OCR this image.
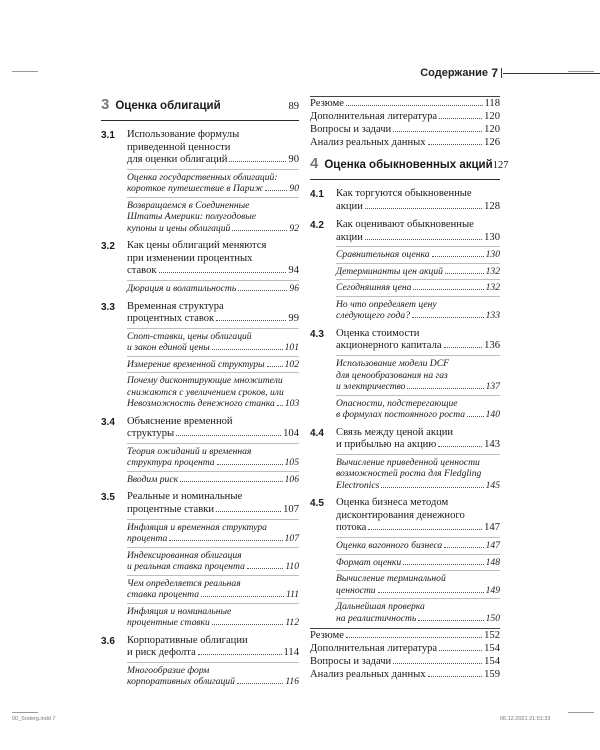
Содержание 7
3 Оценка облигаций	89
3.1	Использование формулы
приведенной ценности
для оценки облигаций	90
Оценка государственных облигаций:
короткое путешествие в Париж	90
Возвращаемся в Соединенные
Штаты Америки: полугодовые
купоны и цены облигаций	92
3.2	Как цены облигаций меняются
при изменении процентных
ставок	94
Дюрация и волатильность	96
3.3	Временная структура
процентных ставок	99
Спот-ставки, цены облигаций
и закон единой цены	101
Измерение временной структуры 102
Почему дисконтирующие множители
снижаются с увеличением сроков, или
Невозможность денежного станка 103
3.4	Объяснение временной
структуры	104
Теория ожиданий и временная
структура процента	105
Вводим риск	106
3.5	Реальные и номинальные
процентные ставки	107
Инфляция и временная структура
процента	107
Индексированная облигация
и реальная ставка процента	110
Чем определяется реальная
ставка процента	111
Инфляция и номинальные
процентные ставки	112
3.6	Корпоративные облигации
и риск дефолта	114
Многообразие форм
корпоративных облигаций	116
Резюме	118
Дополнительная литература	120
Вопросы и задачи	120
Анализ реальных данных	126
4 Оценка обыкновенных акций 127
4.1	Как торгуются обыкновенные
акции	128
4.2	Как оценивают обыкновенные
акции	130
Сравнительная оценка	130
Детерминанты цен акций	132
Сегодняшняя цена	132
Но что определяет цену
следующего года?	133
4.3	Оценка стоимости
акционерного капитала	136
Использование модели DCF
для ценообразования на газ
и электричество	137
Опасности, подстерегающие
в формулах постоянного роста 140
4.4	Связь между ценой акции
и прибылью на акцию	143
Вычисление приведенной ценности
возможностей роста для Fledgling
Electronics	145
4.5	Оценка бизнеса методом
дисконтирования денежного
потока	147
Оценка вагонного бизнеса	147
Формат оценки	148
Вычисление терминальной
ценности	149
Дальнейшая проверка
на реалистичность	150
Резюме	152
Дополнительная литература	154
Вопросы и задачи	154
Анализ реальных данных	159
00_Soderg.indd 7	06.12.2021 21:51:33
